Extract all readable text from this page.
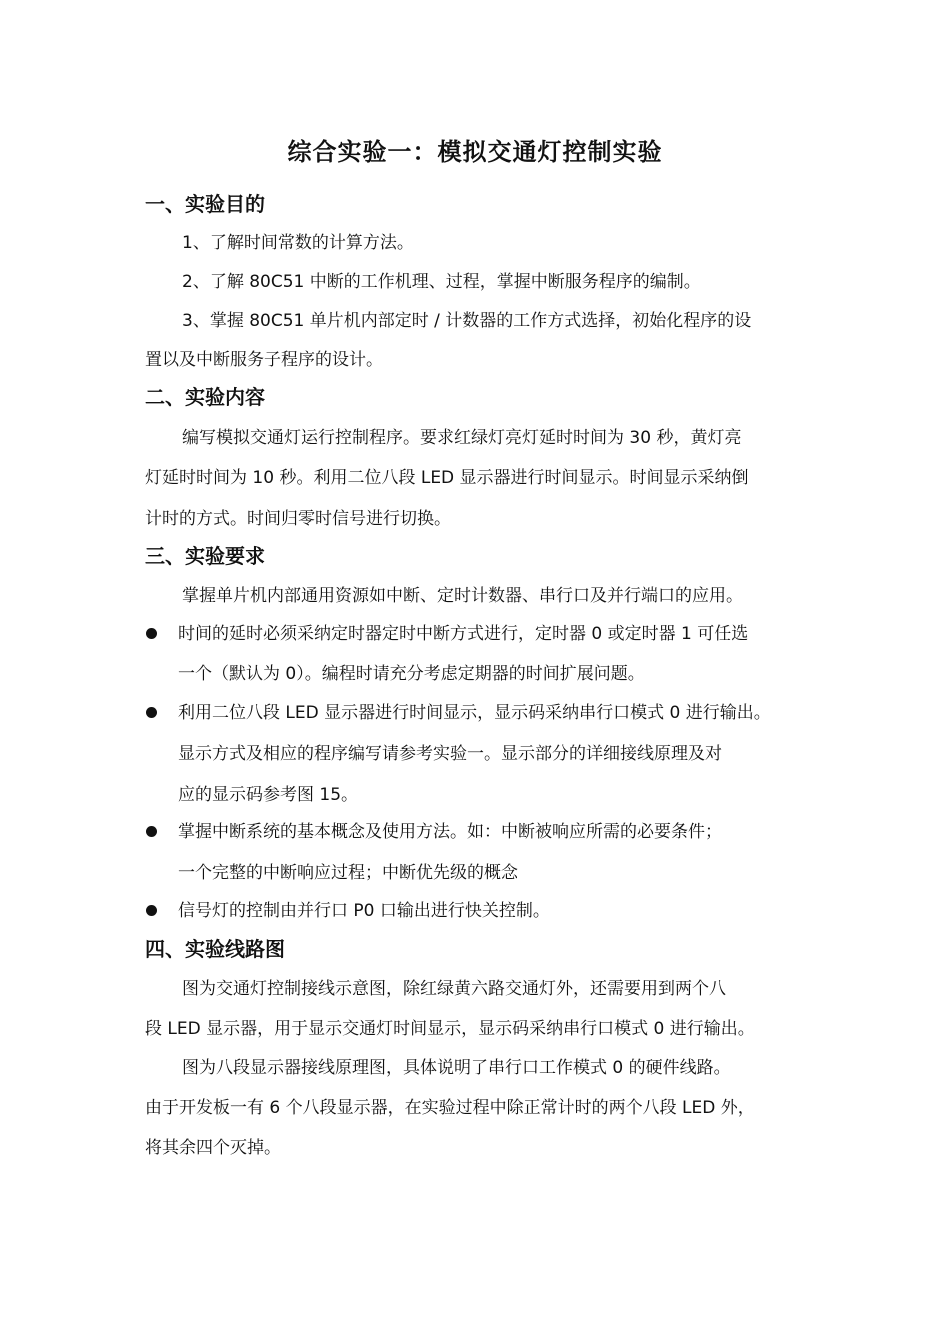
综合实验一：模拟交通灯控制实验
一、实验目的

1、了解时间常数的计算方法。

2、了解 80C51 中断的工作机理、过程，掌握中断服务程序的编制。

3、掌握 80C51 单片机内部定时 / 计数器的工作方式选择，初始化程序的设

置以及中断服务子程序的设计。

二、实验内容

编写模拟交通灯运行控制程序。要求红绿灯亮灯延时时间为 30 秒，黄灯亮

灯延时时间为 10 秒。利用二位八段 LED 显示器进行时间显示。时间显示采纳倒

计时的方式。时间归零时信号进行切换。

三、实验要求

掌握单片机内部通用资源如中断、定时计数器、串行口及并行端口的应用。

时间的延时必须采纳定时器定时中断方式进行，定时器 0 或定时器 1 可任选

一个（默认为 0）。编程时请充分考虑定期器的时间扩展问题。

利用二位八段 LED 显示器进行时间显示，显示码采纳串行口模式 0 进行输出。

显示方式及相应的程序编写请参考实验一。显示部分的详细接线原理及对

应的显示码参考图 15。

掌握中断系统的基本概念及使用方法。如：中断被响应所需的必要条件；

一个完整的中断响应过程；中断优先级的概念

信号灯的控制由并行口 P0 口输出进行快关控制。

四、实验线路图

图为交通灯控制接线示意图，除红绿黄六路交通灯外，还需要用到两个八

段 LED 显示器，用于显示交通灯时间显示，显示码采纳串行口模式 0 进行输出。

图为八段显示器接线原理图，具体说明了串行口工作模式 0 的硬件线路。

由于开发板一有 6 个八段显示器，在实验过程中除正常计时的两个八段 LED 外，

将其余四个灭掉。
